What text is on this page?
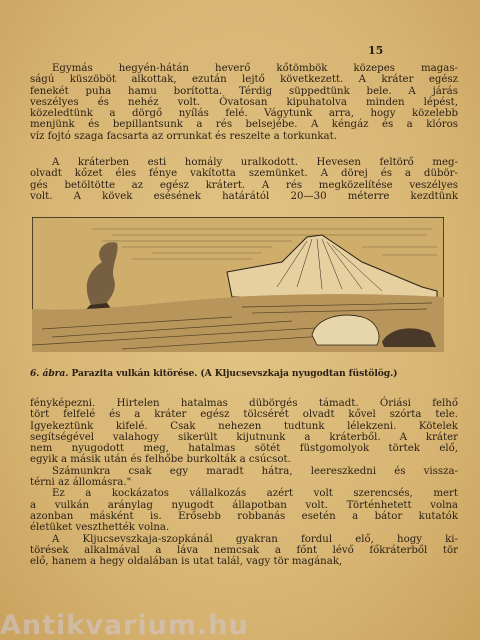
15

Egymás hegyén-hátán heverő kőtömbök közepes magas-

ságú küszöböt alkottak, ezután lejtő következett. A kráter egész

fenekét puha hamu borította. Térdig süppedtünk bele. A járás

veszélyes és nehéz volt. Óvatosan kipuhatolva minden lépést,

közeledtünk a dörgő nyílás felé. Vágytunk arra, hogy közelebb

menjünk és bepillantsunk a rés belsejébe. A kéngáz és a klóros

víz fojtó szaga facsarta az orrunkat és reszelte a torkunkat.

A kráterben esti homály uralkodott. Hevesen feltörő meg-

olvadt kőzet éles fénye vakította szemünket. A dörej és a dübör-

gés betöltötte az egész krátert. A rés megközelítése veszélyes

volt. A kövek esésének határától 20—30 méterre kezdtünk

6. ábra. Parazita vulkán kitörése. (A Kljucsevszkaja nyugodtan füstölög.)

fényképezni. Hirtelen hatalmas dübörgés támadt. Óriási felhő

tört felfelé és a kráter egész tölcsérét olvadt kővel szórta tele.

Igyekeztünk kifelé. Csak nehezen tudtunk lélekzeni. Kötelek

segítségével valahogy sikerült kijutnunk a kráterből. A kráter

nem nyugodott meg, hatalmas sötét füstgomolyok törtek elő,

egyik a másik után és felhőbe burkolták a csúcsot.

Számunkra csak egy maradt hátra, leereszkedni és vissza-

térni az állomásra."

Ez a kockázatos vállalkozás azért volt szerencsés, mert

a vulkán aránylag nyugodt állapotban volt. Történhetett volna

azonban másként is. Erősebb robbanás esetén a bátor kutatók

életüket veszthették volna.

A Kljucsevszkaja-szopkánál gyakran fordul elő, hogy ki-

törések alkalmával a láva nemcsak a főnt lévő főkráterből tör

elő, hanem a hegy oldalában is utat talál, vagy tör magának,

Antikvarium.hu
